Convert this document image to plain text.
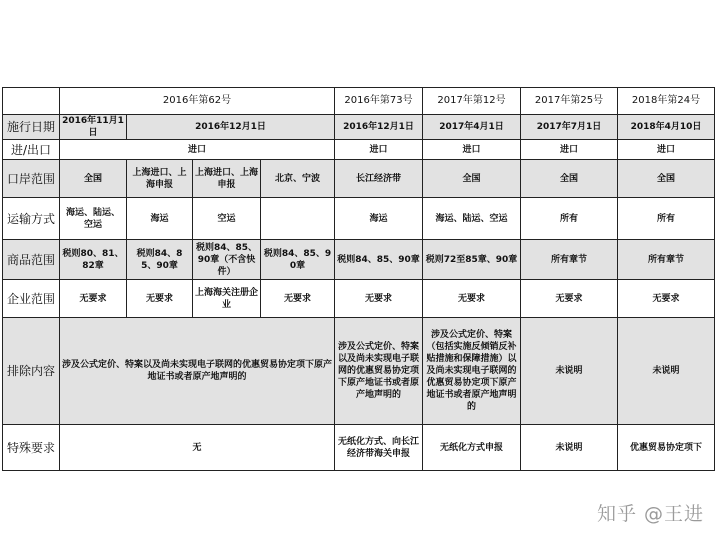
	2016年第62号				2016年第73号	2017年第12号	2017年第25号	2018年第24号
施行日期	2016年11月1日	2016年12月1日			2016年12月1日	2017年4月1日	2017年7月1日	2018年4月10日
进/出口	进口				进口	进口	进口	进口
口岸范围	全国	上海进口、上海申报	上海进口、上海申报	北京、宁波	长江经济带	全国	全国	全国
运输方式	海运、陆运、空运	海运	空运		海运	海运、陆运、空运	所有	所有
商品范围	税则80、81、82章	税则84、85、90章	税则84、85、90章（不含快件）	税则84、85、90章	税则84、85、90章	税则72至85章、90章	所有章节	所有章节
企业范围	无要求	无要求	上海海关注册企业	无要求	无要求	无要求	无要求	无要求
排除内容	涉及公式定价、特案以及尚未实现电子联网的优惠贸易协定项下原产地证书或者原产地声明的				涉及公式定价、特案以及尚未实现电子联网的优惠贸易协定项下原产地证书或者原产地声明的	涉及公式定价、特案（包括实施反倾销反补贴措施和保障措施）以及尚未实现电子联网的优惠贸易协定项下原产地证书或者原产地声明的	未说明	未说明
特殊要求	无				无纸化方式、向长江经济带海关申报	无纸化方式申报	未说明	优惠贸易协定项下
知乎 @王进
